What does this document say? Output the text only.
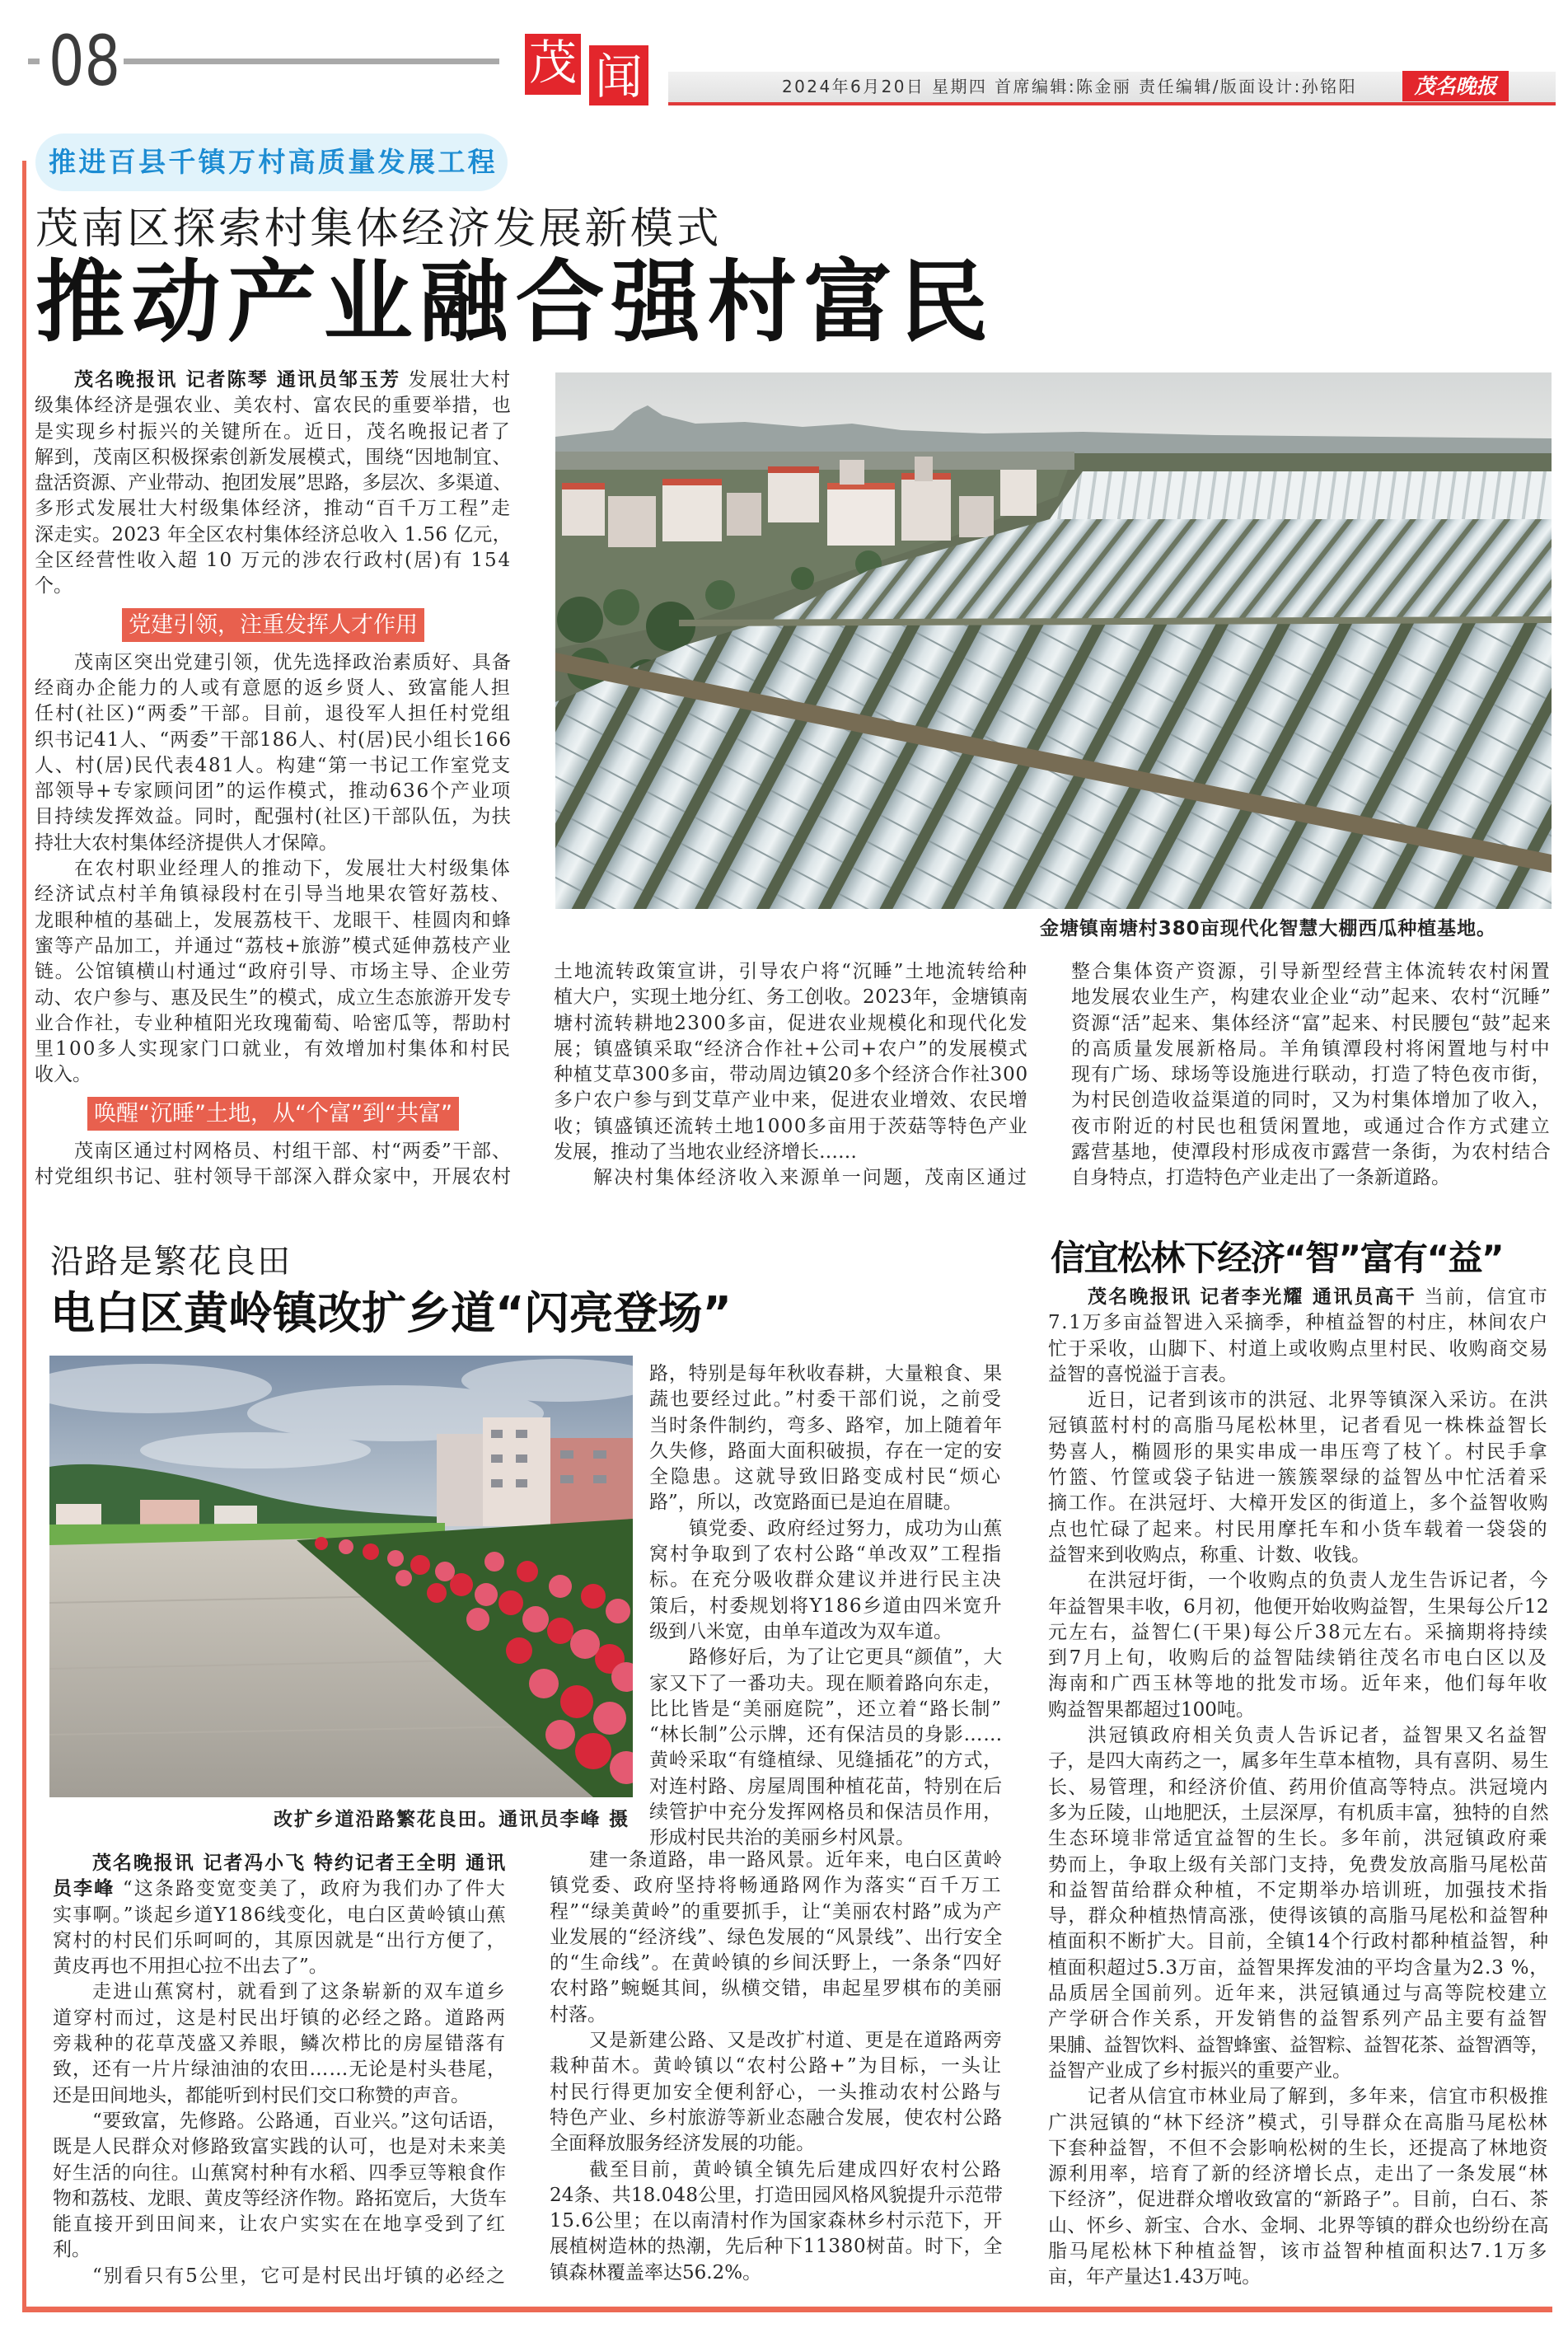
08	茂 闻	2024年6月20日 星期四 首席编辑:陈金丽 责任编辑/版面设计:孙铭阳	茂名晚报
推进百县千镇万村高质量发展工程
茂南区探索村集体经济发展新模式
推动产业融合强村富民
金塘镇南塘村380亩现代化智慧大棚西瓜种植基地。
茂名晚报讯 记者陈琴 通讯员邹玉芳 发展壮大村
级集体经济是强农业、美农村、富农民的重要举措，也
是实现乡村振兴的关键所在。近日，茂名晚报记者了
解到，茂南区积极探索创新发展模式，围绕“因地制宜、
盘活资源、产业带动、抱团发展”思路，多层次、多渠道、
多形式发展壮大村级集体经济，推动“百千万工程”走
深走实。2023 年全区农村集体经济总收入 1.56 亿元，
全区经营性收入超 10 万元的涉农行政村(居)有 154
个。
党建引领，注重发挥人才作用
茂南区突出党建引领，优先选择政治素质好、具备
经商办企能力的人或有意愿的返乡贤人、致富能人担
任村(社区)“两委”干部。目前，退役军人担任村党组
织书记41人、“两委”干部186人、村(居)民小组长166
人、村(居)民代表481人。构建“第一书记工作室党支
部领导+专家顾问团”的运作模式，推动636个产业项
目持续发挥效益。同时，配强村(社区)干部队伍，为扶
持壮大农村集体经济提供人才保障。
在农村职业经理人的推动下，发展壮大村级集体
经济试点村羊角镇禄段村在引导当地果农管好荔枝、
龙眼种植的基础上，发展荔枝干、龙眼干、桂圆肉和蜂
蜜等产品加工，并通过“荔枝+旅游”模式延伸荔枝产业
链。公馆镇横山村通过“政府引导、市场主导、企业劳
动、农户参与、惠及民生”的模式，成立生态旅游开发专
业合作社，专业种植阳光玫瑰葡萄、哈密瓜等，帮助村
里100多人实现家门口就业，有效增加村集体和村民
收入。
唤醒“沉睡”土地，从“个富”到“共富”
茂南区通过村网格员、村组干部、村“两委”干部、
村党组织书记、驻村领导干部深入群众家中，开展农村
土地流转政策宣讲，引导农户将“沉睡”土地流转给种
植大户，实现土地分红、务工创收。2023年，金塘镇南
塘村流转耕地2300多亩，促进农业规模化和现代化发
展；镇盛镇采取“经济合作社+公司+农户”的发展模式
种植艾草300多亩，带动周边镇20多个经济合作社300
多户农户参与到艾草产业中来，促进农业增效、农民增
收；镇盛镇还流转土地1000多亩用于茨菇等特色产业
发展，推动了当地农业经济增长……
解决村集体经济收入来源单一问题，茂南区通过
整合集体资产资源，引导新型经营主体流转农村闲置
地发展农业生产，构建农业企业“动”起来、农村“沉睡”
资源“活”起来、集体经济“富”起来、村民腰包“鼓”起来
的高质量发展新格局。羊角镇潭段村将闲置地与村中
现有广场、球场等设施进行联动，打造了特色夜市街，
为村民创造收益渠道的同时，又为村集体增加了收入，
夜市附近的村民也租赁闲置地，或通过合作方式建立
露营基地，使潭段村形成夜市露营一条街，为农村结合
自身特点，打造特色产业走出了一条新道路。
沿路是繁花良田
电白区黄岭镇改扩乡道“闪亮登场”
改扩乡道沿路繁花良田。通讯员李峰 摄
茂名晚报讯 记者冯小飞 特约记者王全明 通讯
员李峰 “这条路变宽变美了，政府为我们办了件大
实事啊。”谈起乡道Y186线变化，电白区黄岭镇山蕉
窝村的村民们乐呵呵的，其原因就是“出行方便了，
黄皮再也不用担心拉不出去了”。
走进山蕉窝村，就看到了这条崭新的双车道乡
道穿村而过，这是村民出圩镇的必经之路。道路两
旁栽种的花草茂盛又养眼，鳞次栉比的房屋错落有
致，还有一片片绿油油的农田……无论是村头巷尾，
还是田间地头，都能听到村民们交口称赞的声音。
“要致富，先修路。公路通，百业兴。”这句话语，
既是人民群众对修路致富实践的认可，也是对未来美
好生活的向往。山蕉窝村种有水稻、四季豆等粮食作
物和荔枝、龙眼、黄皮等经济作物。路拓宽后，大货车
能直接开到田间来，让农户实实在在地享受到了红
利。
“别看只有5公里，它可是村民出圩镇的必经之
路，特别是每年秋收春耕，大量粮食、果
蔬也要经过此。”村委干部们说，之前受
当时条件制约，弯多、路窄，加上随着年
久失修，路面大面积破损，存在一定的安
全隐患。这就导致旧路变成村民“烦心
路”，所以，改宽路面已是迫在眉睫。
镇党委、政府经过努力，成功为山蕉
窝村争取到了农村公路“单改双”工程指
标。在充分吸收群众建议并进行民主决
策后，村委规划将Y186乡道由四米宽升
级到八米宽，由单车道改为双车道。
路修好后，为了让它更具“颜值”，大
家又下了一番功夫。现在顺着路向东走，
比比皆是“美丽庭院”，还立着“路长制”
“林长制”公示牌，还有保洁员的身影……
黄岭采取“有缝植绿、见缝插花”的方式，
对连村路、房屋周围种植花苗，特别在后
续管护中充分发挥网格员和保洁员作用，
形成村民共治的美丽乡村风景。
建一条道路，串一路风景。近年来，电白区黄岭
镇党委、政府坚持将畅通路网作为落实“百千万工
程”“绿美黄岭”的重要抓手，让“美丽农村路”成为产
业发展的“经济线”、绿色发展的“风景线”、出行安全
的“生命线”。在黄岭镇的乡间沃野上，一条条“四好
农村路”蜿蜒其间，纵横交错，串起星罗棋布的美丽
村落。
又是新建公路、又是改扩村道、更是在道路两旁
栽种苗木。黄岭镇以“农村公路+”为目标，一头让
村民行得更加安全便利舒心，一头推动农村公路与
特色产业、乡村旅游等新业态融合发展，使农村公路
全面释放服务经济发展的功能。
截至目前，黄岭镇全镇先后建成四好农村公路
24条、共18.048公里，打造田园风格风貌提升示范带
15.6公里；在以南清村作为国家森林乡村示范下，开
展植树造林的热潮，先后种下11380树苗。时下，全
镇森林覆盖率达56.2%。
信宜松林下经济“智”富有“益”
茂名晚报讯 记者李光耀 通讯员高干 当前，信宜市
7.1万多亩益智进入采摘季，种植益智的村庄，林间农户
忙于采收，山脚下、村道上或收购点里村民、收购商交易
益智的喜悦溢于言表。
近日，记者到该市的洪冠、北界等镇深入采访。在洪
冠镇蓝村村的高脂马尾松林里，记者看见一株株益智长
势喜人，椭圆形的果实串成一串压弯了枝丫。村民手拿
竹篮、竹筐或袋子钻进一簇簇翠绿的益智丛中忙活着采
摘工作。在洪冠圩、大樟开发区的街道上，多个益智收购
点也忙碌了起来。村民用摩托车和小货车载着一袋袋的
益智来到收购点，称重、计数、收钱。
在洪冠圩街，一个收购点的负责人龙生告诉记者，今
年益智果丰收，6月初，他便开始收购益智，生果每公斤12
元左右，益智仁(干果)每公斤38元左右。采摘期将持续
到7月上旬，收购后的益智陆续销往茂名市电白区以及
海南和广西玉林等地的批发市场。近年来，他们每年收
购益智果都超过100吨。
洪冠镇政府相关负责人告诉记者，益智果又名益智
子，是四大南药之一，属多年生草本植物，具有喜阴、易生
长、易管理，和经济价值、药用价值高等特点。洪冠境内
多为丘陵，山地肥沃，土层深厚，有机质丰富，独特的自然
生态环境非常适宜益智的生长。多年前，洪冠镇政府乘
势而上，争取上级有关部门支持，免费发放高脂马尾松苗
和益智苗给群众种植，不定期举办培训班，加强技术指
导，群众种植热情高涨，使得该镇的高脂马尾松和益智种
植面积不断扩大。目前，全镇14个行政村都种植益智，种
植面积超过5.3万亩，益智果挥发油的平均含量为2.3 %，
品质居全国前列。近年来，洪冠镇通过与高等院校建立
产学研合作关系，开发销售的益智系列产品主要有益智
果脯、益智饮料、益智蜂蜜、益智粽、益智花茶、益智酒等，
益智产业成了乡村振兴的重要产业。
记者从信宜市林业局了解到，多年来，信宜市积极推
广洪冠镇的“林下经济”模式，引导群众在高脂马尾松林
下套种益智，不但不会影响松树的生长，还提高了林地资
源利用率，培育了新的经济增长点，走出了一条发展“林
下经济”，促进群众增收致富的“新路子”。目前，白石、茶
山、怀乡、新宝、合水、金垌、北界等镇的群众也纷纷在高
脂马尾松林下种植益智，该市益智种植面积达7.1万多
亩，年产量达1.43万吨。
